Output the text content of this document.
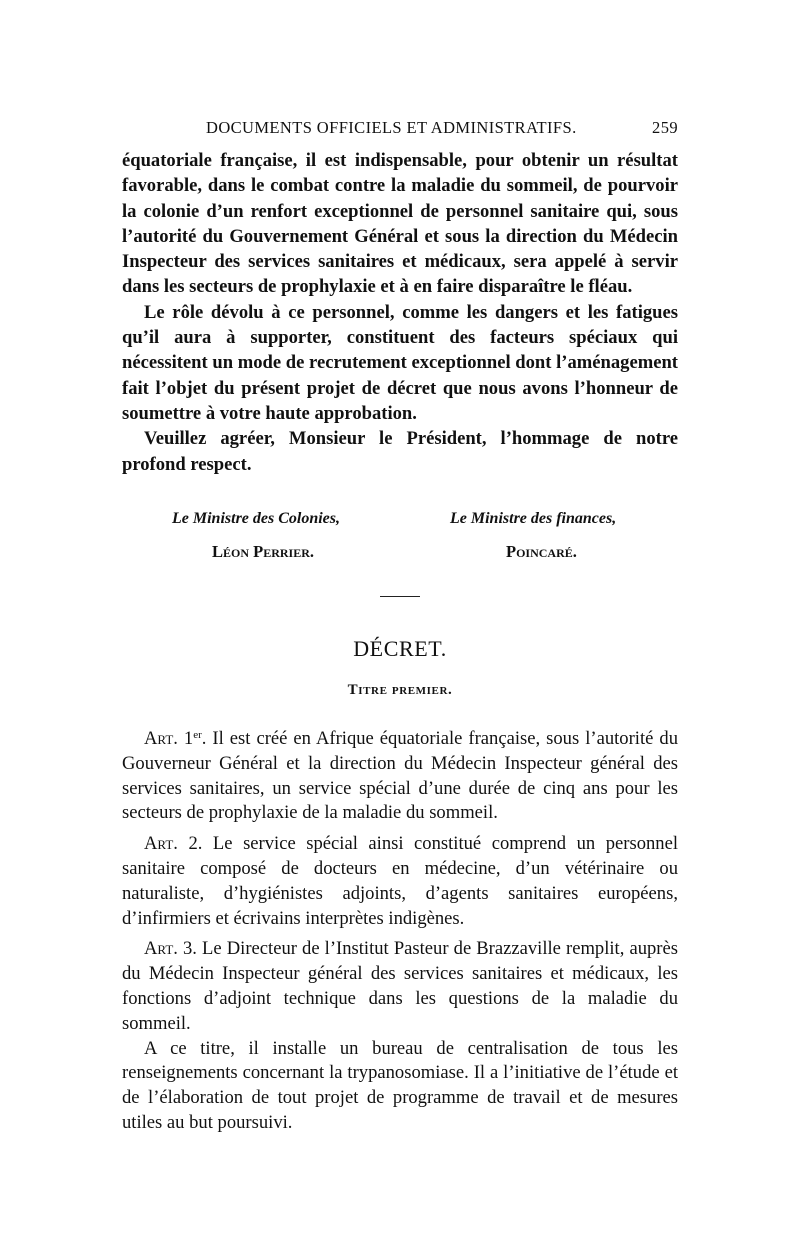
DOCUMENTS OFFICIELS ET ADMINISTRATIFS.	259

équatoriale française, il est indispensable, pour obtenir un résultat favorable, dans le combat contre la maladie du sommeil, de pourvoir la colonie d’un renfort exceptionnel de personnel sanitaire qui, sous l’autorité du Gouvernement Général et sous la direction du Médecin Inspecteur des services sanitaires et médicaux, sera appelé à servir dans les secteurs de prophylaxie et à en faire disparaître le fléau.

Le rôle dévolu à ce personnel, comme les dangers et les fatigues qu’il aura à supporter, constituent des facteurs spéciaux qui nécessitent un mode de recrutement exceptionnel dont l’aménagement fait l’objet du présent projet de décret que nous avons l’honneur de soumettre à votre haute approbation.

Veuillez agréer, Monsieur le Président, l’hommage de notre profond respect.

Le Ministre des Colonies,
Léon Perrier.
Le Ministre des finances,
Poincaré.
DÉCRET.
Titre premier.

Art. 1er. Il est créé en Afrique équatoriale française, sous l’autorité du Gouverneur Général et la direction du Médecin Inspecteur général des services sanitaires, un service spécial d’une durée de cinq ans pour les secteurs de prophylaxie de la maladie du sommeil.

Art. 2. Le service spécial ainsi constitué comprend un personnel sanitaire composé de docteurs en médecine, d’un vétérinaire ou naturaliste, d’hygiénistes adjoints, d’agents sanitaires européens, d’infirmiers et écrivains interprètes indigènes.

Art. 3. Le Directeur de l’Institut Pasteur de Brazzaville remplit, auprès du Médecin Inspecteur général des services sanitaires et médicaux, les fonctions d’adjoint technique dans les questions de la maladie du sommeil.

A ce titre, il installe un bureau de centralisation de tous les renseignements concernant la trypanosomiase. Il a l’initiative de l’étude et de l’élaboration de tout projet de programme de travail et de mesures utiles au but poursuivi.
